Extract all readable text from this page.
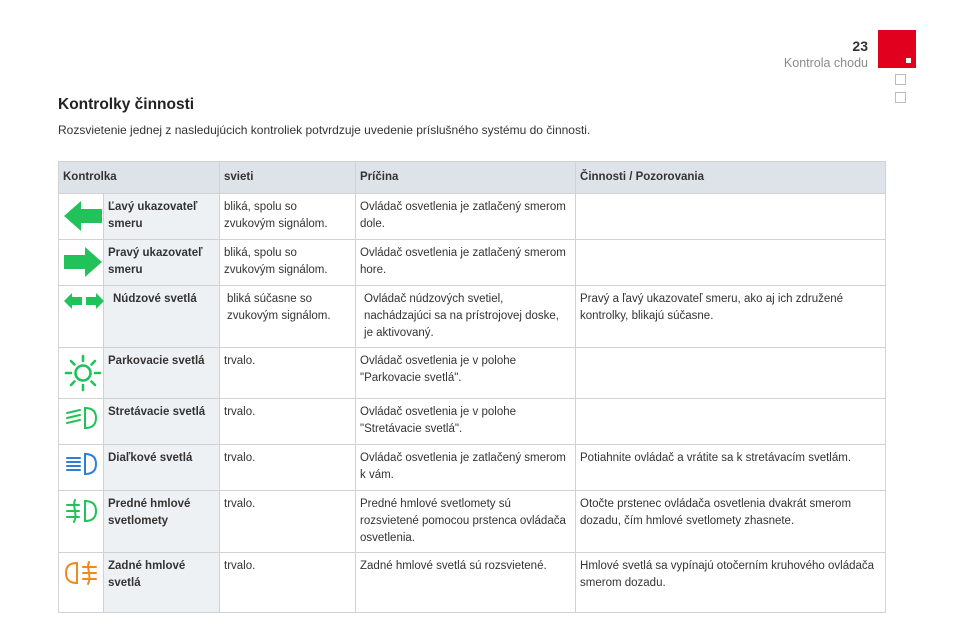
23
Kontrola chodu
Kontrolky činnosti

Rozsvietenie jednej z nasledujúcich kontroliek potvrdzuje uvedenie príslušného systému do činnosti.

Kontrolka		svieti	Príčina	Činnosti / Pozorovania
	Ľavý ukazovateľ smeru	bliká, spolu so zvukovým signálom.	Ovládač osvetlenia je zatlačený smerom dole.	
	Pravý ukazovateľ smeru	bliká, spolu so zvukovým signálom.	Ovládač osvetlenia je zatlačený smerom hore.	
	Núdzové svetlá	bliká súčasne so zvukovým signálom.	Ovládač núdzových svetiel, nachádzajúci sa na prístrojovej doske, je aktivovaný.	Pravý a ľavý ukazovateľ smeru, ako aj ich združené kontrolky, blikajú súčasne.
	Parkovacie svetlá	trvalo.	Ovládač osvetlenia je v polohe "Parkovacie svetlá".	
	Stretávacie svetlá	trvalo.	Ovládač osvetlenia je v polohe "Stretávacie svetlá".	
	Diaľkové svetlá	trvalo.	Ovládač osvetlenia je zatlačený smerom k vám.	Potiahnite ovládač a vrátite sa k stretávacím svetlám.
	Predné hmlové svetlomety	trvalo.	Predné hmlové svetlomety sú rozsvietené pomocou prstenca ovládača osvetlenia.	Otočte prstenec ovládača osvetlenia dvakrát smerom dozadu, čím hmlové svetlomety zhasnete.
	Zadné hmlové svetlá	trvalo.	Zadné hmlové svetlá sú rozsvietené.	Hmlové svetlá sa vypínajú otočerním kruhového ovládača smerom dozadu.
